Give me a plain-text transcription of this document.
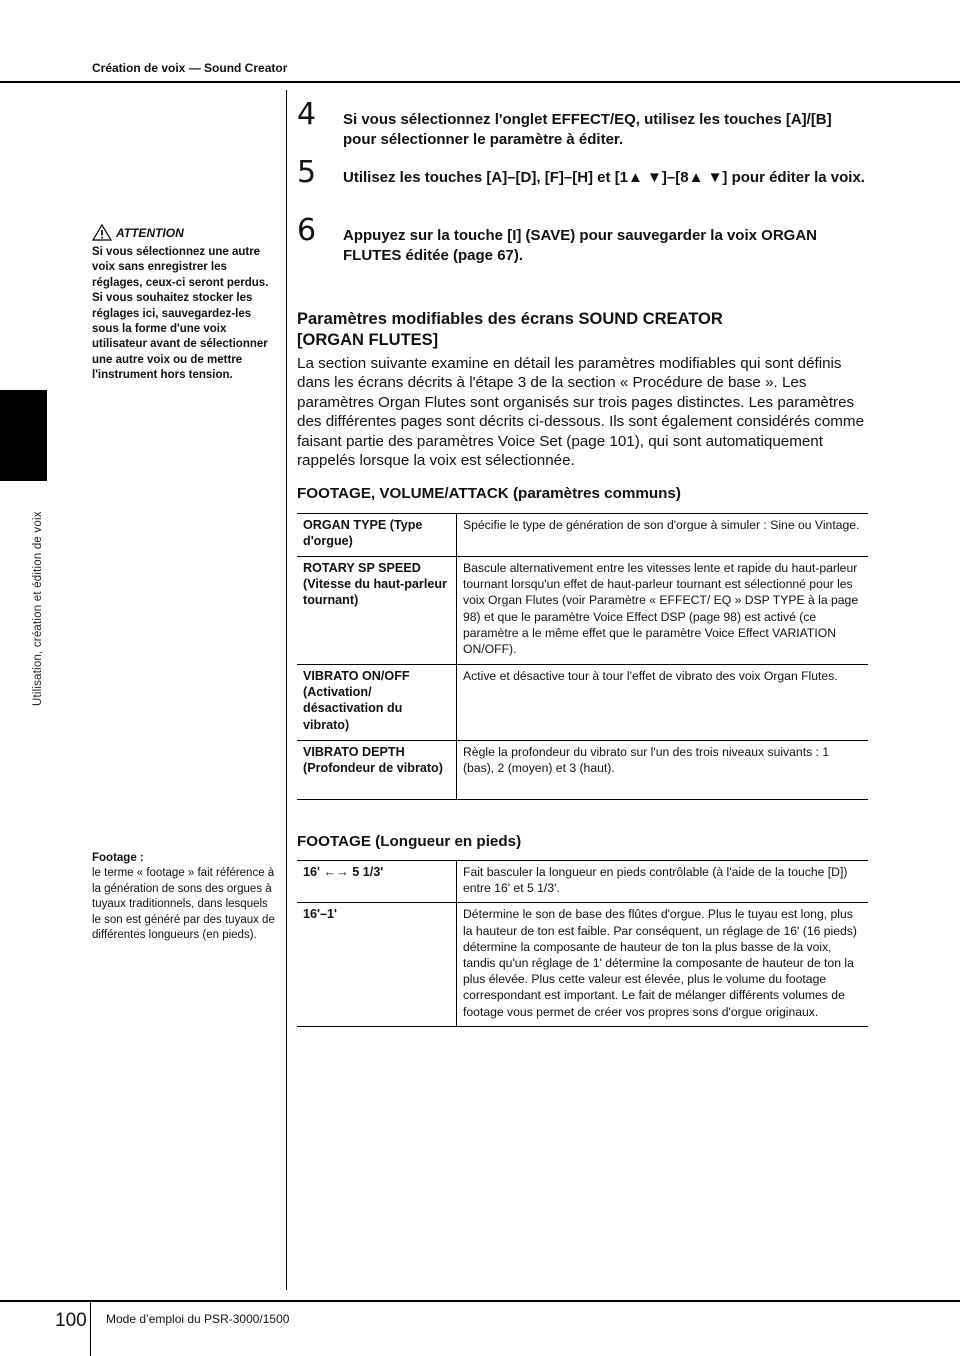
Création de voix — Sound Creator
Utilisation, création et édition de voix
ATTENTION
Si vous sélectionnez une autre voix sans enregistrer les réglages, ceux-ci seront perdus. Si vous souhaitez stocker les réglages ici, sauvegardez-les sous la forme d'une voix utilisateur avant de sélectionner une autre voix ou de mettre l'instrument hors tension.
Footage :
le terme « footage » fait référence à la génération de sons des orgues à tuyaux traditionnels, dans lesquels le son est généré par des tuyaux de différentes longueurs (en pieds).
4	Si vous sélectionnez l'onglet EFFECT/EQ, utilisez les touches [A]/[B] pour sélectionner le paramètre à éditer.
5	Utilisez les touches [A]–[D], [F]–[H] et [1▲ ▼]–[8▲ ▼] pour éditer la voix.
6	Appuyez sur la touche [I] (SAVE) pour sauvegarder la voix ORGAN FLUTES éditée (page 67).
Paramètres modifiables des écrans SOUND CREATOR
[ORGAN FLUTES]
La section suivante examine en détail les paramètres modifiables qui sont définis dans les écrans décrits à l'étape 3 de la section « Procédure de base ». Les paramètres Organ Flutes sont organisés sur trois pages distinctes. Les paramètres des différentes pages sont décrits ci-dessous. Ils sont également considérés comme faisant partie des paramètres Voice Set (page 101), qui sont automatiquement rappelés lorsque la voix est sélectionnée.
FOOTAGE, VOLUME/ATTACK (paramètres communs)
ORGAN TYPE (Type d'orgue)	Spécifie le type de génération de son d'orgue à simuler : Sine ou Vintage.
ROTARY SP SPEED (Vitesse du haut-parleur tournant)	Bascule alternativement entre les vitesses lente et rapide du haut-parleur tournant lorsqu'un effet de haut-parleur tournant est sélectionné pour les voix Organ Flutes (voir Paramètre « EFFECT/ EQ » DSP TYPE à la page 98) et que le paramètre Voice Effect DSP (page 98) est activé (ce paramètre a le même effet que le paramètre Voice Effect VARIATION ON/OFF).
VIBRATO ON/OFF (Activation/ désactivation du vibrato)	Active et désactive tour à tour l'effet de vibrato des voix Organ Flutes.
VIBRATO DEPTH (Profondeur de vibrato)	Règle la profondeur du vibrato sur l'un des trois niveaux suivants : 1 (bas), 2 (moyen) et 3 (haut).
FOOTAGE (Longueur en pieds)
16' ←→ 5 1/3'	Fait basculer la longueur en pieds contrôlable (à l'aide de la touche [D]) entre 16' et 5 1/3'.
16'–1'	Détermine le son de base des flûtes d'orgue. Plus le tuyau est long, plus la hauteur de ton est faible. Par conséquent, un réglage de 16' (16 pieds) détermine la composante de hauteur de ton la plus basse de la voix, tandis qu'un réglage de 1' détermine la composante de hauteur de ton la plus élevée. Plus cette valeur est élevée, plus le volume du footage correspondant est important. Le fait de mélanger différents volumes de footage vous permet de créer vos propres sons d'orgue originaux.
100 Mode d’emploi du PSR-3000/1500
